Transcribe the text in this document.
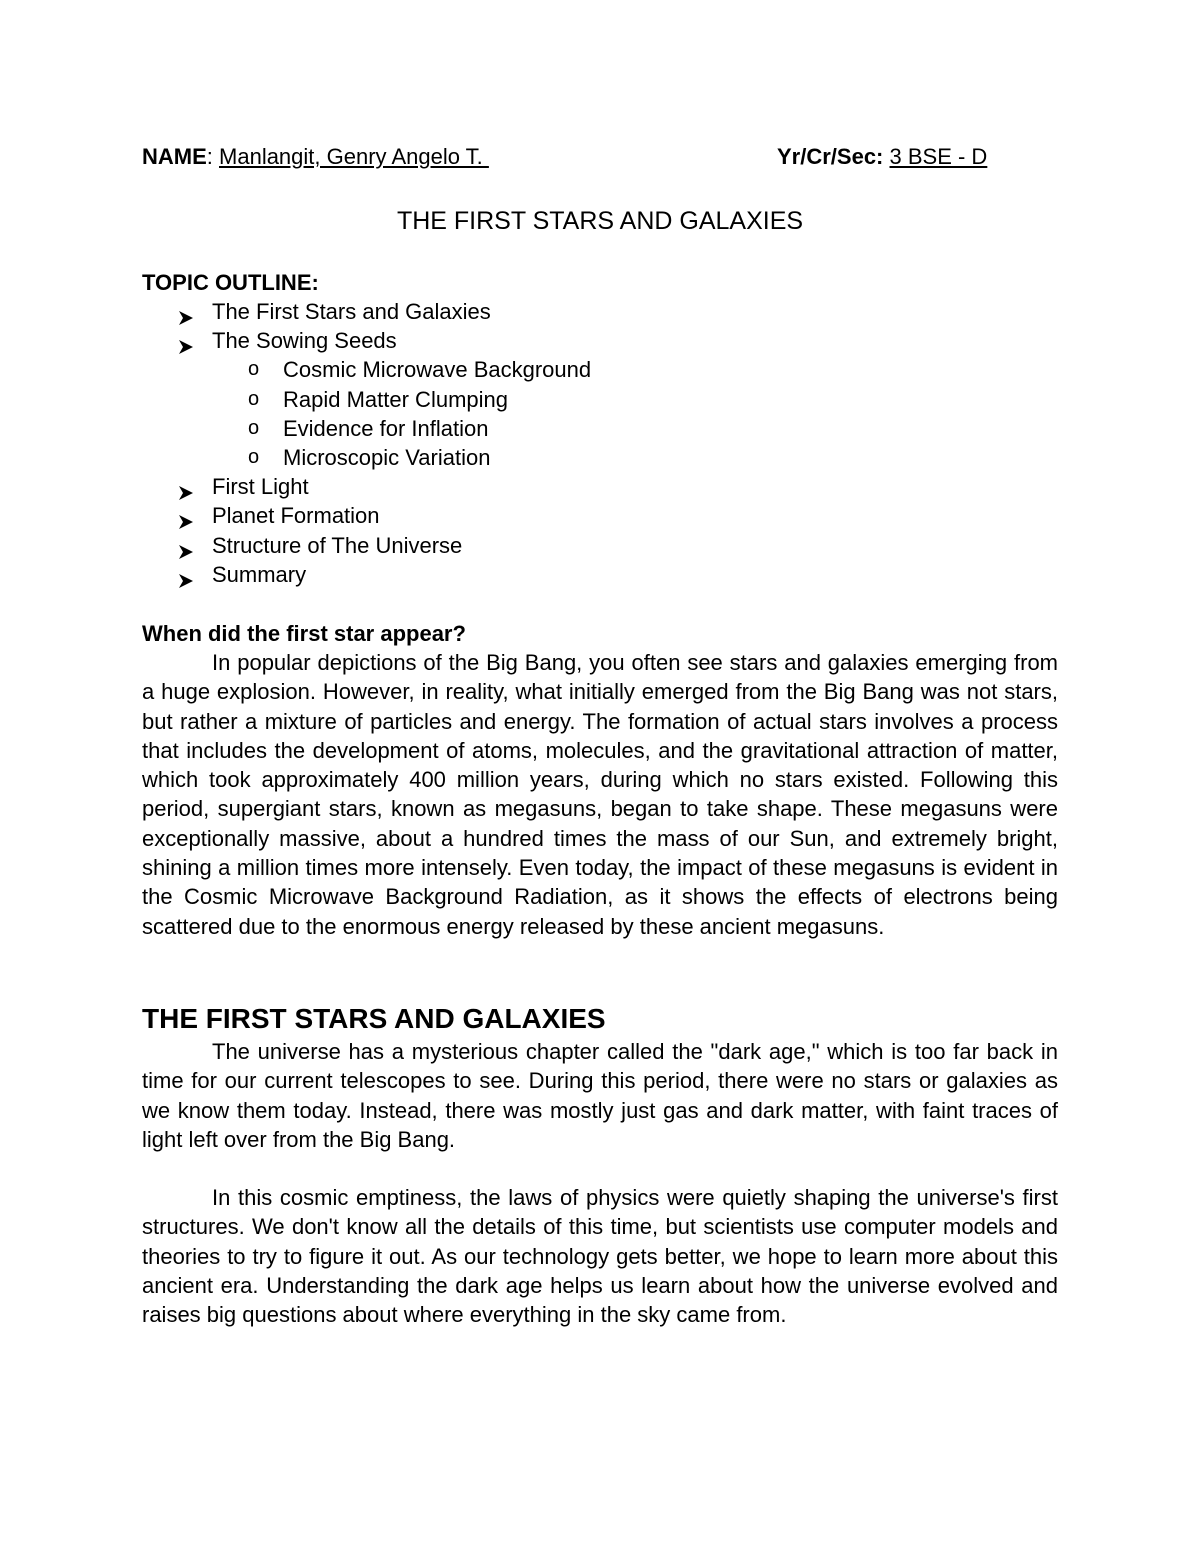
NAME: Manlangit, Genry Angelo T.	Yr/Cr/Sec: 3 BSE - D
THE FIRST STARS AND GALAXIES
TOPIC OUTLINE:
The First Stars and Galaxies
The Sowing Seeds
o Cosmic Microwave Background
o Rapid Matter Clumping
o Evidence for Inflation
o Microscopic Variation
First Light
Planet Formation
Structure of The Universe
Summary
When did the first star appear?

In popular depictions of the Big Bang, you often see stars and galaxies emerging from a huge explosion. However, in reality, what initially emerged from the Big Bang was not stars, but rather a mixture of particles and energy. The formation of actual stars involves a process that includes the development of atoms, molecules, and the gravitational attraction of matter, which took approximately 400 million years, during which no stars existed. Following this period, supergiant stars, known as megasuns, began to take shape. These megasuns were exceptionally massive, about a hundred times the mass of our Sun, and extremely bright, shining a million times more intensely. Even today, the impact of these megasuns is evident in the Cosmic Microwave Background Radiation, as it shows the effects of electrons being scattered due to the enormous energy released by these ancient megasuns.

THE FIRST STARS AND GALAXIES

The universe has a mysterious chapter called the "dark age," which is too far back in time for our current telescopes to see. During this period, there were no stars or galaxies as we know them today. Instead, there was mostly just gas and dark matter, with faint traces of light left over from the Big Bang.

In this cosmic emptiness, the laws of physics were quietly shaping the universe's first structures. We don't know all the details of this time, but scientists use computer models and theories to try to figure it out. As our technology gets better, we hope to learn more about this ancient era. Understanding the dark age helps us learn about how the universe evolved and raises big questions about where everything in the sky came from.
